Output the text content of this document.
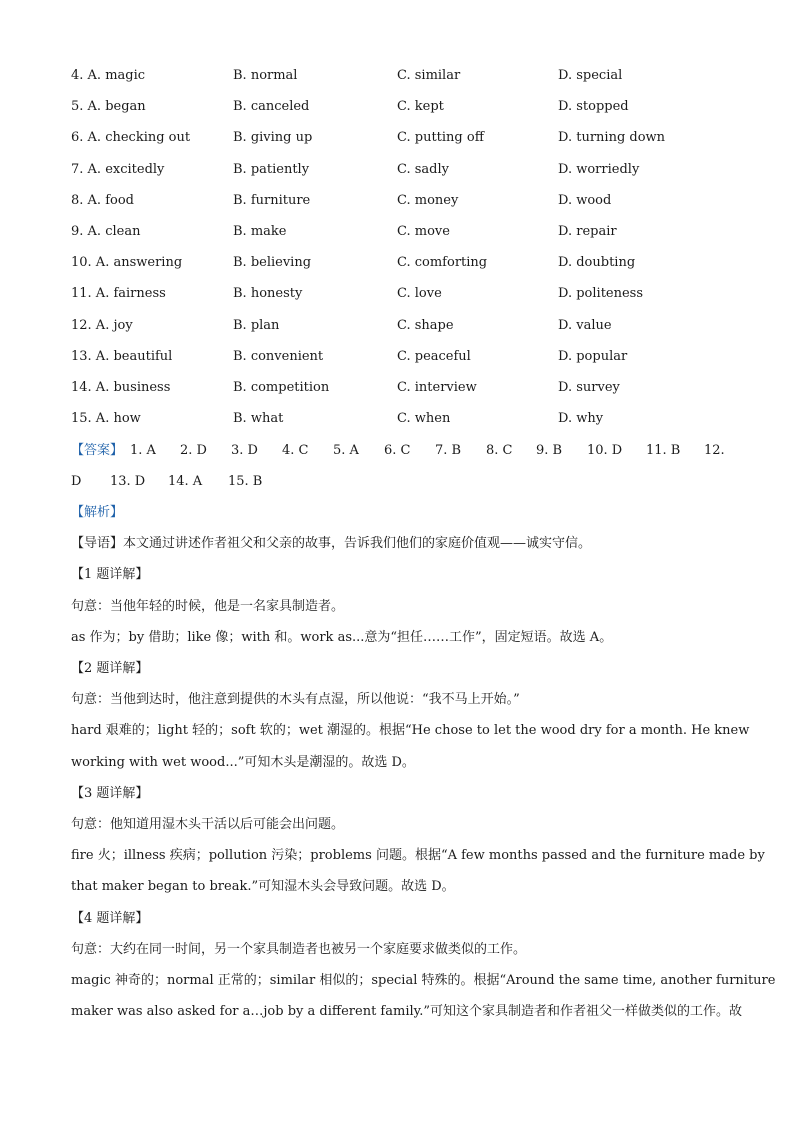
4. A. magic	B. normal	C. similar	D. special
5. A. began	B. canceled	C. kept	D. stopped
6. A. checking out	B. giving up	C. putting off	D. turning down
7. A. excitedly	B. patiently	C. sadly	D. worriedly
8. A. food	B. furniture	C. money	D. wood
9. A. clean	B. make	C. move	D. repair
10. A. answering	B. believing	C. comforting	D. doubting
11. A. fairness	B. honesty	C. love	D. politeness
12. A. joy	B. plan	C. shape	D. value
13. A. beautiful	B. convenient	C. peaceful	D. popular
14. A. business	B. competition	C. interview	D. survey
15. A. how	B. what	C. when	D. why
【答案】 1. A 2. D 3. D 4. C 5. A 6. C 7. B 8. C 9. B 10. D 11. B 12.
D 13. D 14. A 15. B
【解析】
【导语】本文通过讲述作者祖父和父亲的故事，告诉我们他们的家庭价值观——诚实守信。
【1 题详解】
句意：当他年轻的时候，他是一名家具制造者。
as 作为；by 借助；like 像；with 和。work as...意为“担任……工作”，固定短语。故选 A。
【2 题详解】
句意：当他到达时，他注意到提供的木头有点湿，所以他说：“我不马上开始。”
hard 艰难的；light 轻的；soft 软的；wet 潮湿的。根据“He chose to let the wood dry for a month. He knew
working with wet wood...”可知木头是潮湿的。故选 D。
【3 题详解】
句意：他知道用湿木头干活以后可能会出问题。
fire 火；illness 疾病；pollution 污染；problems 问题。根据“A few months passed and the furniture made by
that maker began to break.”可知湿木头会导致问题。故选 D。
【4 题详解】
句意：大约在同一时间，另一个家具制造者也被另一个家庭要求做类似的工作。
magic 神奇的；normal 正常的；similar 相似的；special 特殊的。根据“Around the same time, another furniture
maker was also asked for a…job by a different family.”可知这个家具制造者和作者祖父一样做类似的工作。故
